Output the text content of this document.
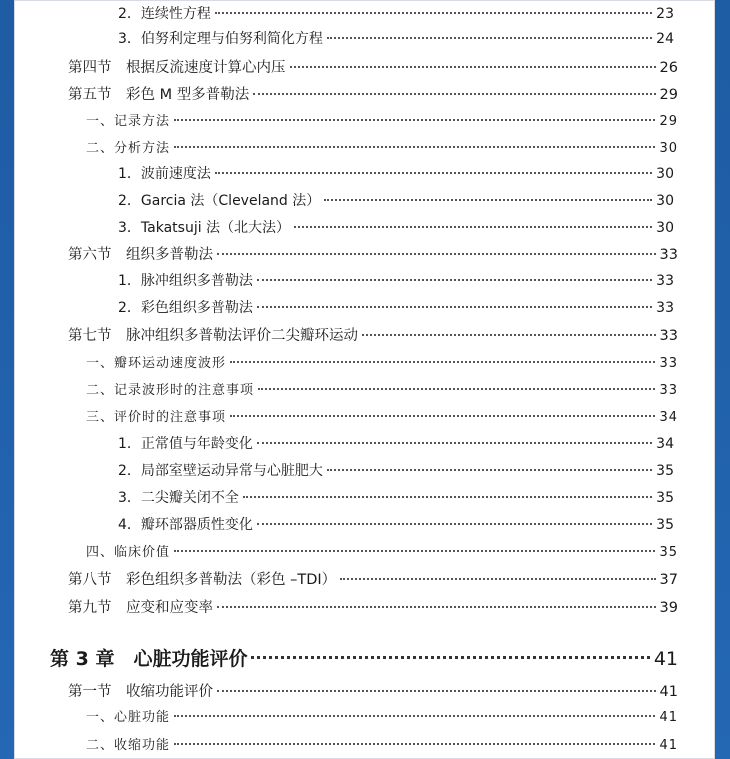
2．连续性方程	23
3．伯努利定理与伯努利简化方程	24
第四节　根据反流速度计算心内压	26
第五节　彩色 M 型多普勒法	29
一、记录方法	29
二、分析方法	30
1．波前速度法	30
2．Garcia 法（Cleveland 法）	30
3．Takatsuji 法（北大法）	30
第六节　组织多普勒法	33
1．脉冲组织多普勒法	33
2．彩色组织多普勒法	33
第七节　脉冲组织多普勒法评价二尖瓣环运动	33
一、瓣环运动速度波形	33
二、记录波形时的注意事项	33
三、评价时的注意事项	34
1．正常值与年龄变化	34
2．局部室壁运动异常与心脏肥大	35
3．二尖瓣关闭不全	35
4．瓣环部器质性变化	35
四、临床价值	35
第八节　彩色组织多普勒法（彩色 –TDI）	37
第九节　应变和应变率	39
第 3 章　心脏功能评价	41
第一节　收缩功能评价	41
一、心脏功能	41
二、收缩功能	41
